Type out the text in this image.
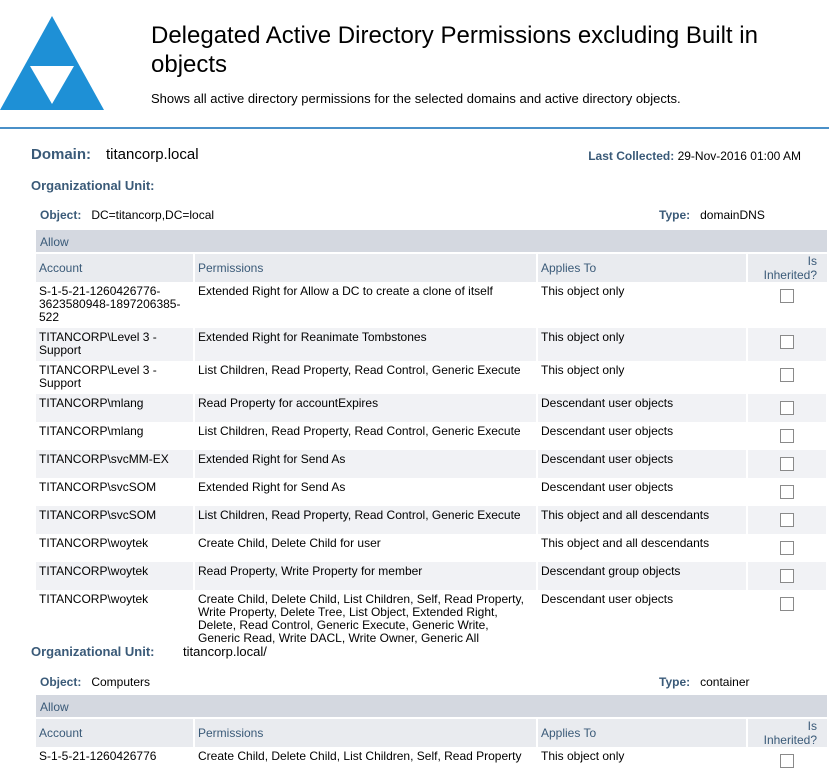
Delegated Active Directory Permissions excluding Built in objects
Shows all active directory permissions for the selected domains and active directory objects.
Domain: titancorp.local	Last Collected: 29-Nov-2016 01:00 AM
Organizational Unit:
Object: DC=titancorp,DC=local	Type: domainDNS
Allow
Account	Permissions	Applies To	Is Inherited?
S-1-5-21-1260426776-3623580948-1897206385-522	Extended Right for Allow a DC to create a clone of itself	This object only	
TITANCORP\Level 3 - Support	Extended Right for Reanimate Tombstones	This object only	
TITANCORP\Level 3 - Support	List Children, Read Property, Read Control, Generic Execute	This object only	
TITANCORP\mlang	Read Property for accountExpires	Descendant user objects	
TITANCORP\mlang	List Children, Read Property, Read Control, Generic Execute	Descendant user objects	
TITANCORP\svcMM-EX	Extended Right for Send As	Descendant user objects	
TITANCORP\svcSOM	Extended Right for Send As	Descendant user objects	
TITANCORP\svcSOM	List Children, Read Property, Read Control, Generic Execute	This object and all descendants	
TITANCORP\woytek	Create Child, Delete Child for user	This object and all descendants	
TITANCORP\woytek	Read Property, Write Property for member	Descendant group objects	
TITANCORP\woytek	Create Child, Delete Child, List Children, Self, Read Property, Write Property, Delete Tree, List Object, Extended Right, Delete, Read Control, Generic Execute, Generic Write, Generic Read, Write DACL, Write Owner, Generic All	Descendant user objects	
Organizational Unit: titancorp.local/
Object: Computers	Type: container
Allow
Account	Permissions	Applies To	Is Inherited?
S-1-5-21-1260426776	Create Child, Delete Child, List Children, Self, Read Property	This object only	
